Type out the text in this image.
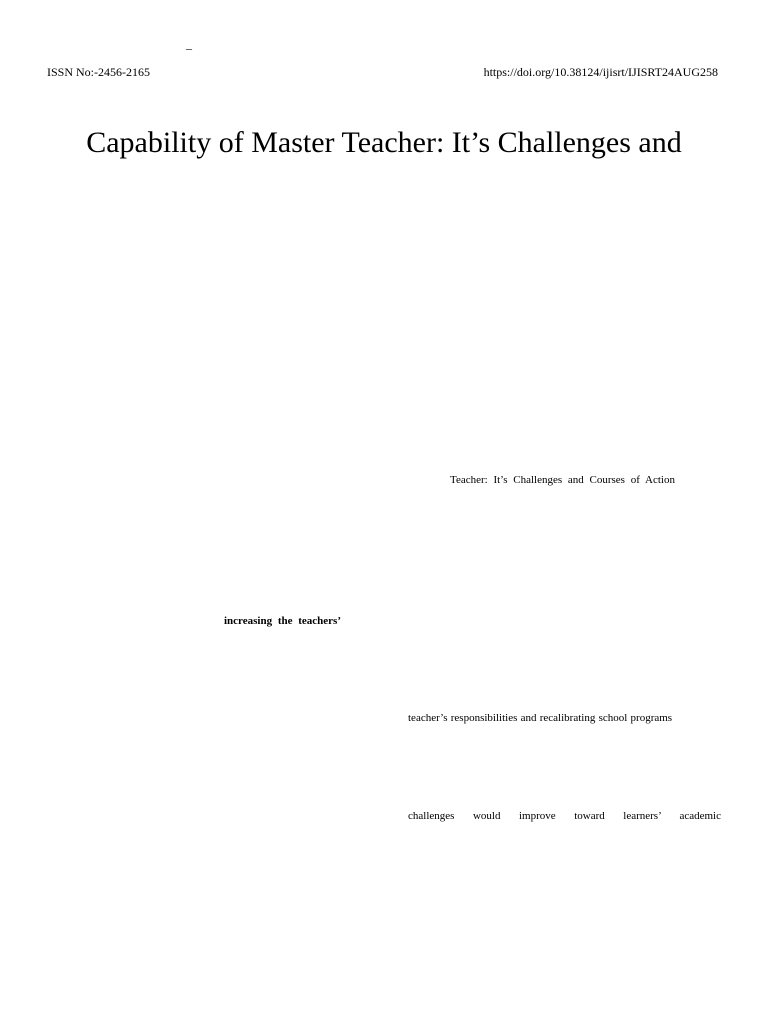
–
ISSN No:-2456-2165	https://doi.org/10.38124/ijisrt/IJISRT24AUG258
Capability of Master Teacher: It’s Challenges and
Teacher: It’s Challenges and Courses of Action
increasing the teachers’
teacher’s responsibilities and recalibrating school programs
challenges would improve toward learners’ academic
